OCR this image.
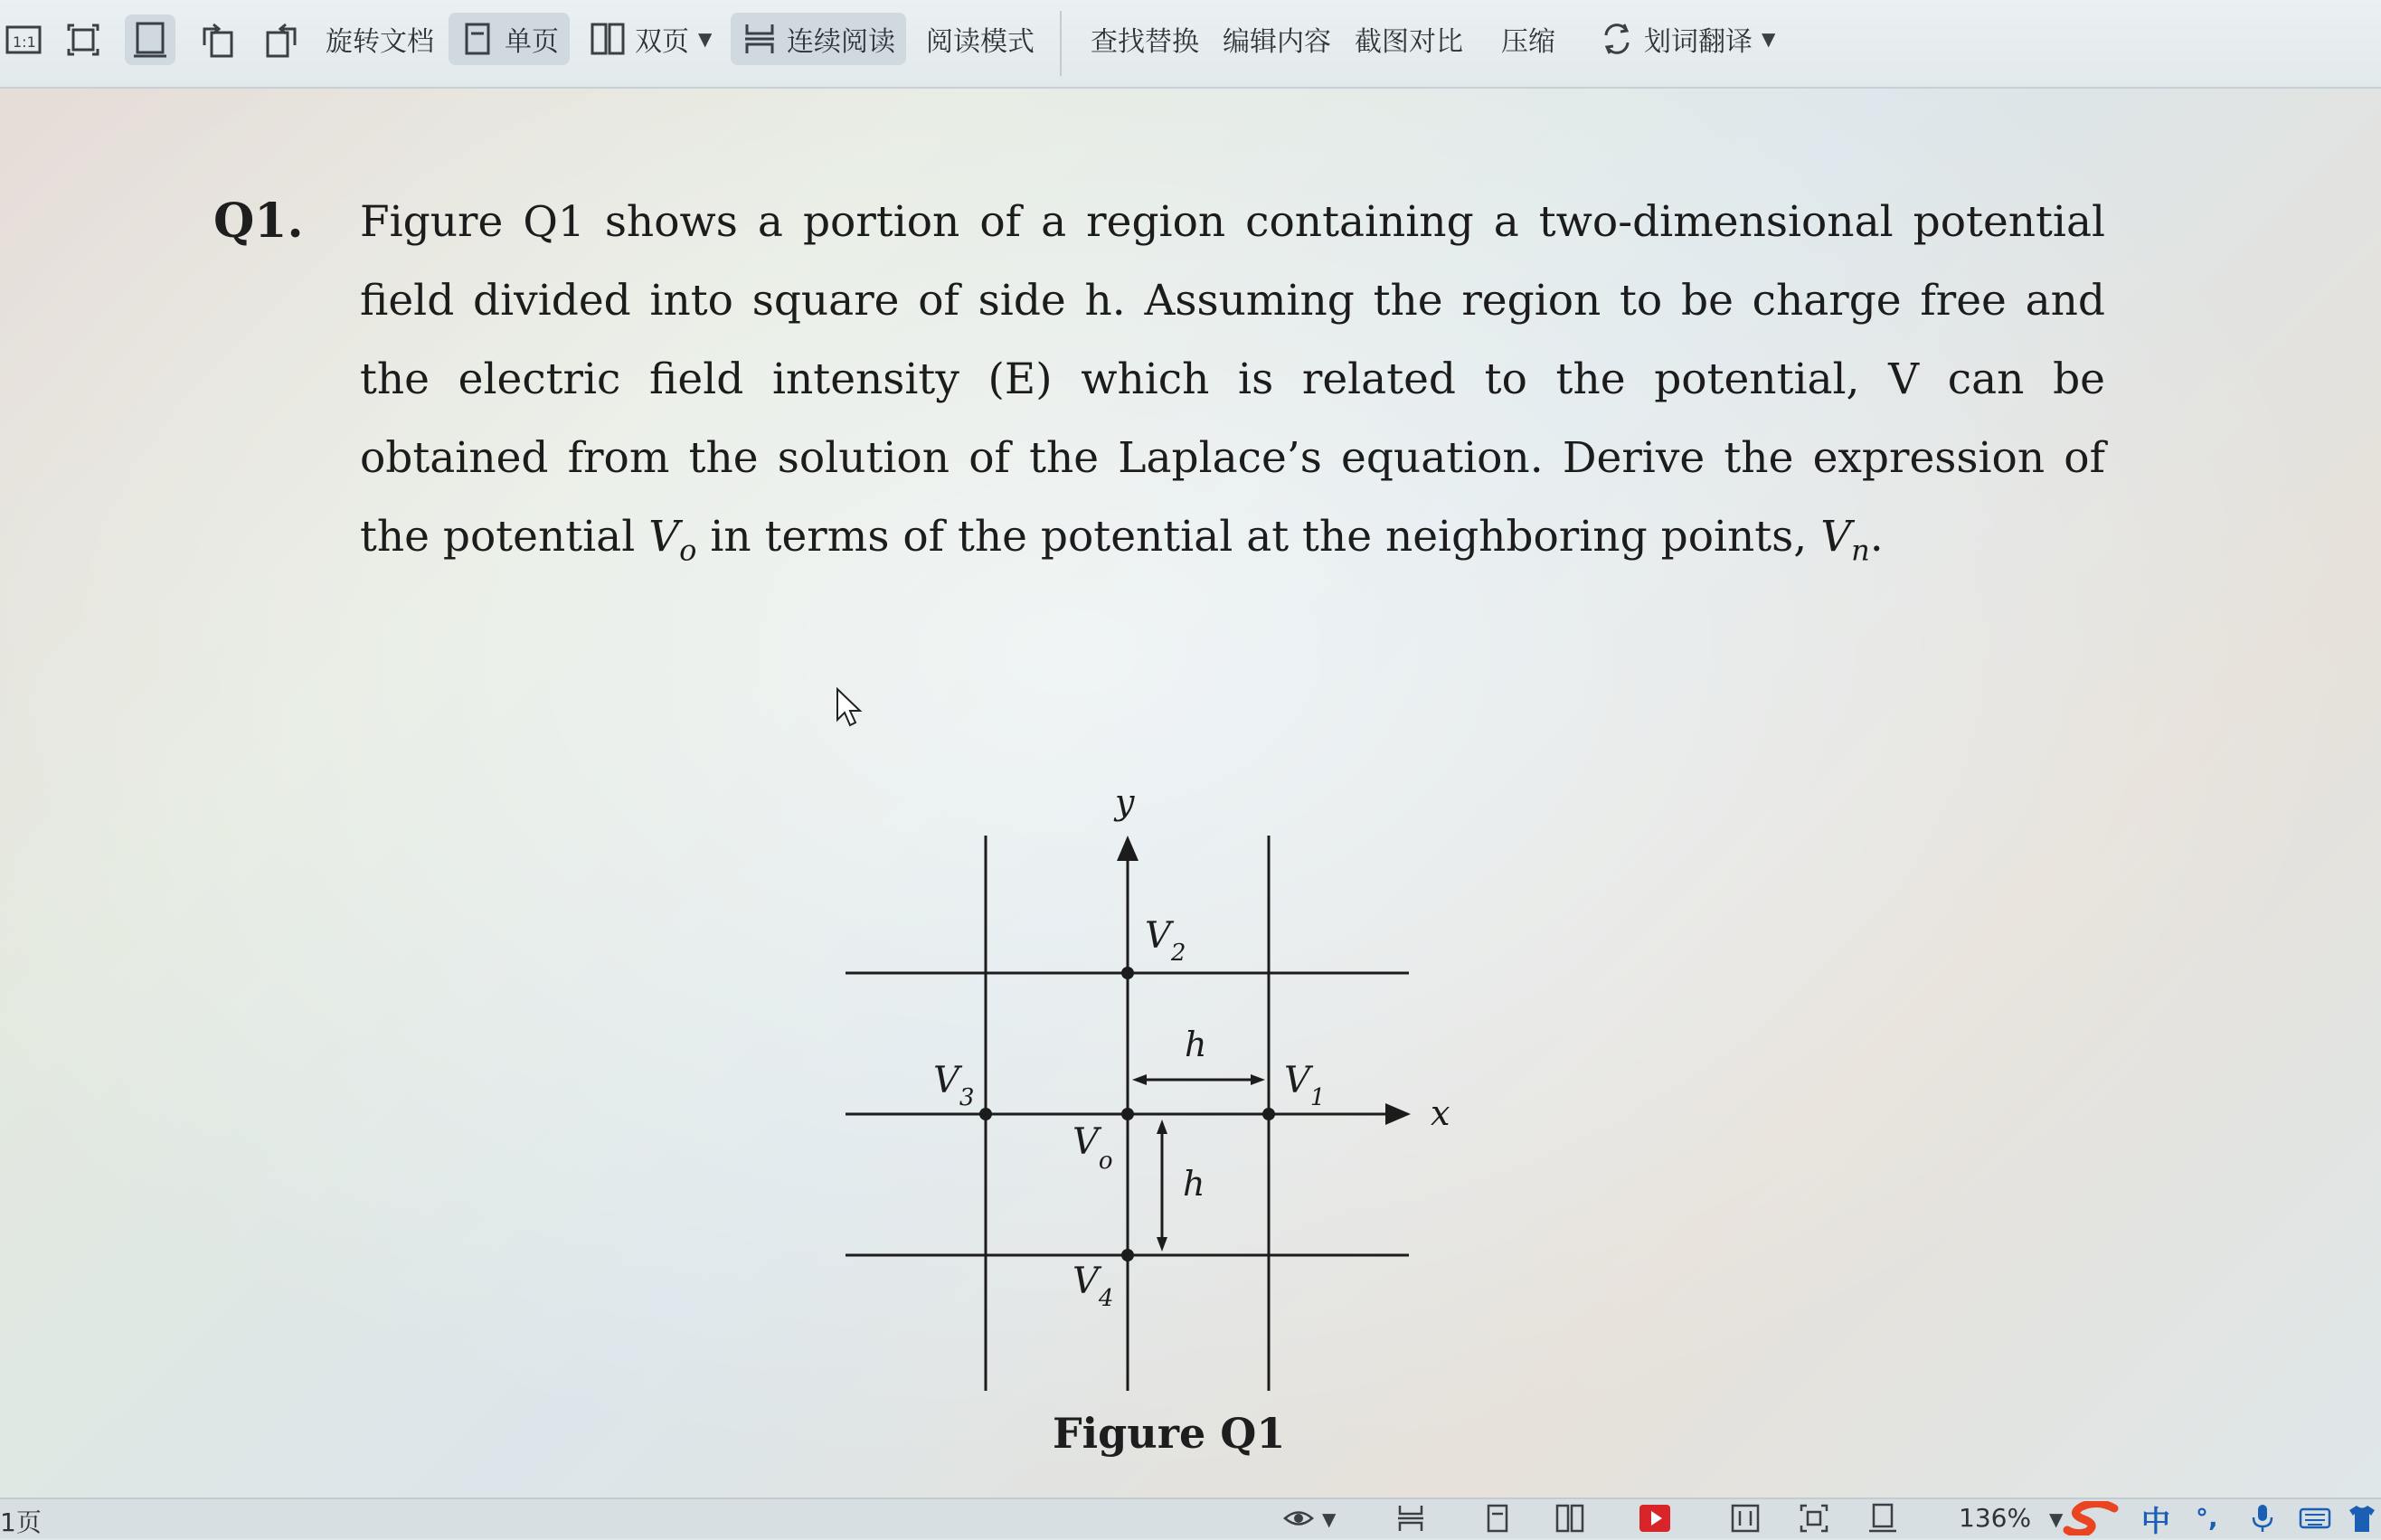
1:1	旋转文档	单页	双页 ▼	连续阅读 阅读模式 查找替换 编辑内容 截图对比 压缩	划词翻译 ▼
Q1. Figure Q1 shows a portion of a region containing a two-dimensional potential field divided into square of side h. Assuming the region to be charge free and the electric field intensity (E) which is related to the potential, V can be obtained from the solution of the Laplace’s equation. Derive the expression of the potential $V_o$ in terms of the potential at the neighboring points, $V_n$.
y
x
$V_2$
$V_3$	$V_1$
$V_o$
$V_4$
h
h
Figure Q1
1页	▼	136% ▼	中 °,
